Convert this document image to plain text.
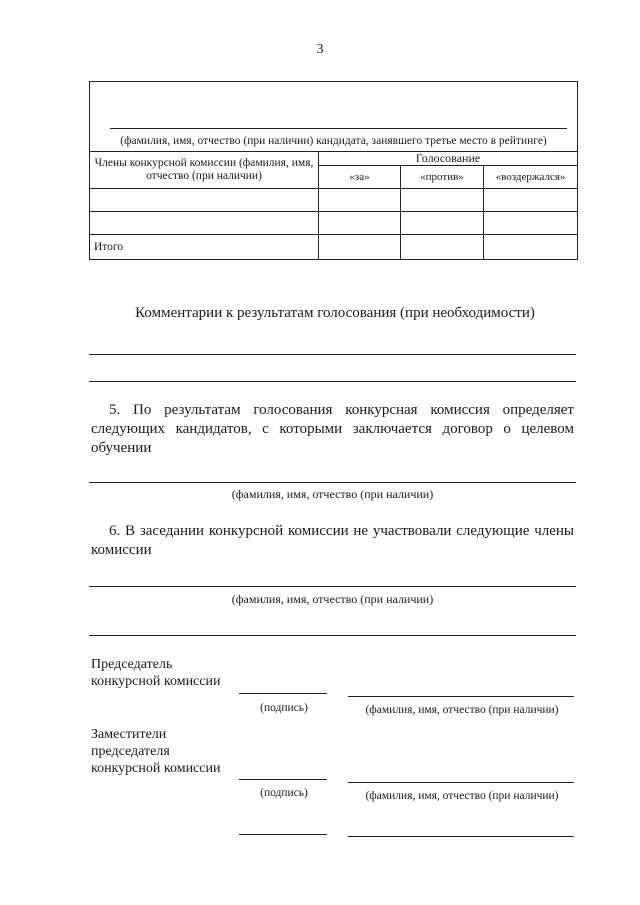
3
(фамилия, имя, отчество (при наличии) кандидата, занявшего третье место в рейтинге)			

Члены конкурсной комиссии (фамилия, имя, отчество (при наличии)	Голосование		
	«за»	«против»	«воздержался»

Итого			
Комментарии к результатам голосования (при необходимости)
5. По результатам голосования конкурсная комиссия определяет следующих кандидатов, с которыми заключается договор о целевом обучении
(фамилия, имя, отчество (при наличии)
6. В заседании конкурсной комиссии не участвовали следующие члены комиссии
(фамилия, имя, отчество (при наличии)
Председатель конкурсной комиссии
(подпись)	(фамилия, имя, отчество (при наличии)
Заместители председателя конкурсной комиссии
(подпись)	(фамилия, имя, отчество (при наличии)
